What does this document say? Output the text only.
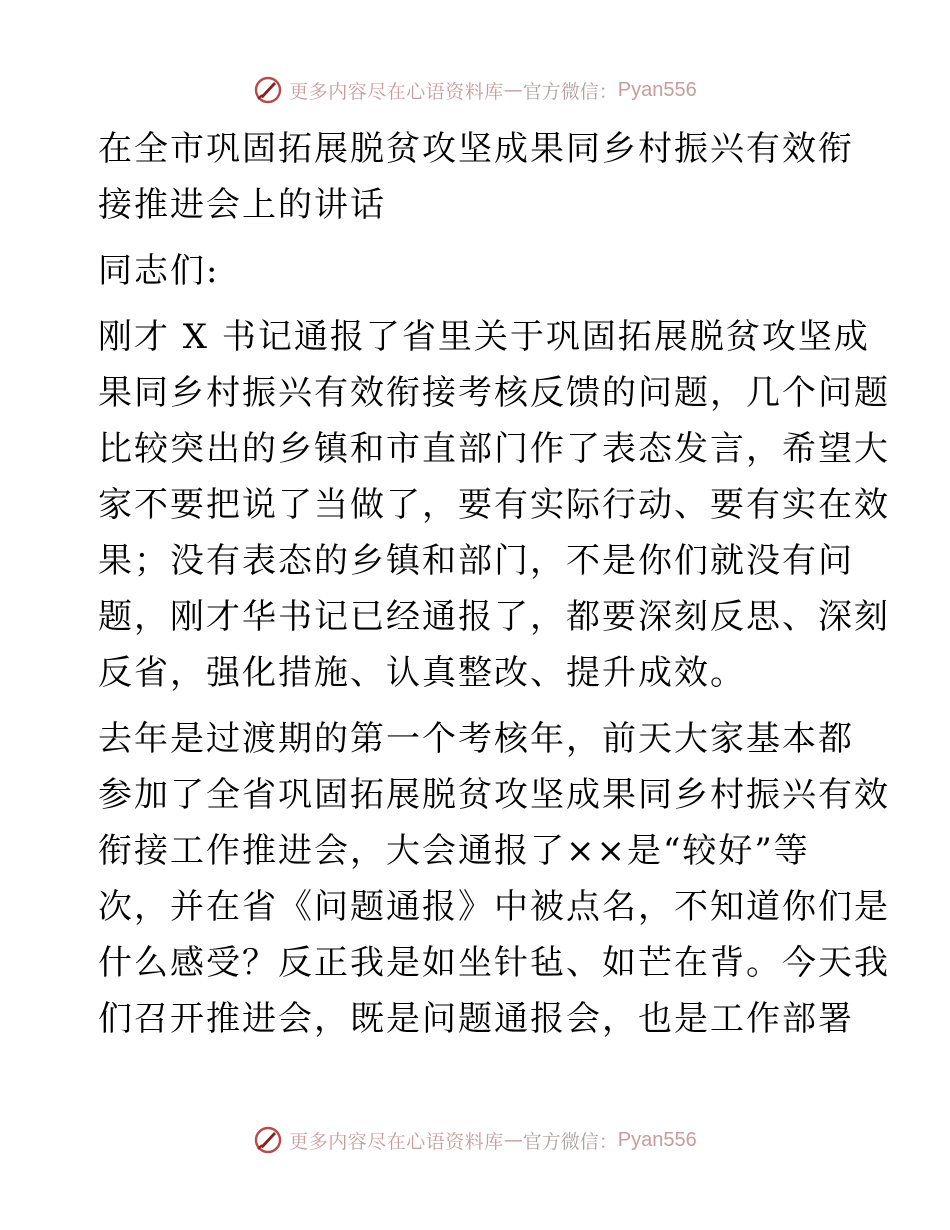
更多内容尽在心语资料库 — 官方微信： Pyan556
在全市巩固拓展脱贫攻坚成果同乡村振兴有效衔
接推进会上的讲话
同志们:
刚才 X 书记通报了省里关于巩固拓展脱贫攻坚成
果同乡村振兴有效衔接考核反馈的问题，几个问题
比较突出的乡镇和市直部门作了表态发言，希望大
家不要把说了当做了，要有实际行动、要有实在效
果；没有表态的乡镇和部门，不是你们就没有问
题，刚才华书记已经通报了，都要深刻反思、深刻
反省，强化措施、认真整改、提升成效。
去年是过渡期的第一个考核年，前天大家基本都
参加了全省巩固拓展脱贫攻坚成果同乡村振兴有效
衔接工作推进会，大会通报了××是“较好”等
次，并在省《问题通报》中被点名，不知道你们是
什么感受？反正我是如坐针毡、如芒在背。今天我
们召开推进会，既是问题通报会，也是工作部署
更多内容尽在心语资料库 — 官方微信： Pyan556
